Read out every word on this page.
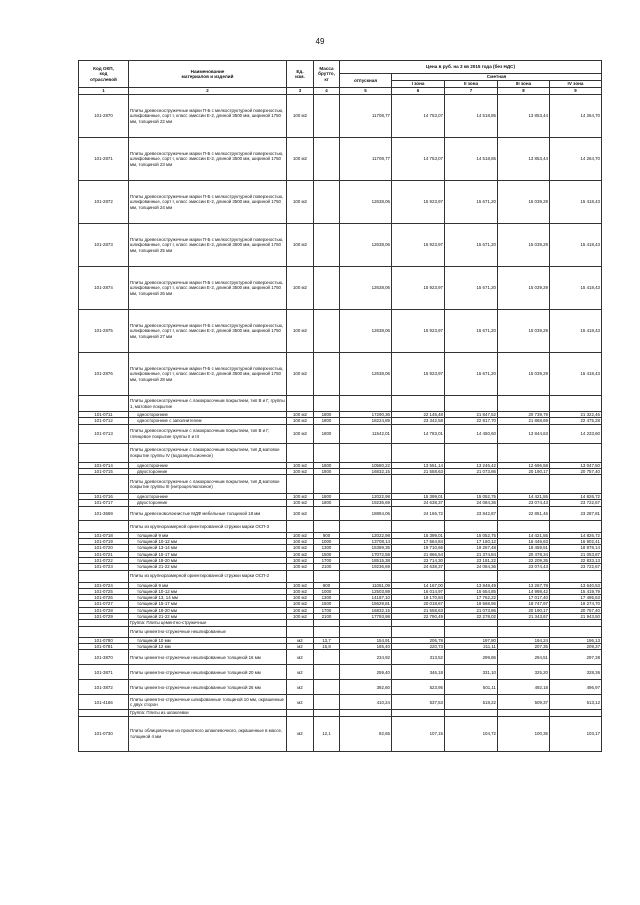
49
Код ОКП,
код
отраслевой	Наименование
материалов и изделий	Ед.
изм.	Масса
брутто,
кг	Цена в руб. на 3 кв 2015 года (без НДС)				
				отпускная	Сметная			
					I зона	II зона	III зона	IV зона
1	2	3	4	5	6	7	8	9
101-2870	Плиты древесностружечные марки П-Б с мелкоструктурной поверхностью, шлифованные, сорт I, класс эмиссии Е-2, длиной 3500 мм, шириной 1750 мм, толщиной 22 мм	100 м2		11708,77	14 753,07	14 518,85	13 853,44	14 264,70
101-2871	Плиты древесностружечные марки П-Б с мелкоструктурной поверхностью, шлифованные, сорт I, класс эмиссии Е-2, длиной 3500 мм, шириной 1750 мм, толщиной 23 мм	100 м2		11708,77	14 753,07	14 518,85	13 853,44	14 264,70
101-2872	Плиты древесностружечные марки П-Б с мелкоструктурной поверхностью, шлифованные, сорт I, класс эмиссии Е-2, длиной 3500 мм, шириной 1750 мм, толщиной 24 мм	100 м2		12638,06	15 923,97	15 671,20	15 039,29	15 418,43
101-2873	Плиты древесностружечные марки П-Б с мелкоструктурной поверхностью, шлифованные, сорт I, класс эмиссии Е-2, длиной 3500 мм, шириной 1750 мм, толщиной 25 мм	100 м2		12638,06	15 923,97	15 671,20	15 039,29	15 418,43
101-2874	Плиты древесностружечные марки П-Б с мелкоструктурной поверхностью, шлифованные, сорт I, класс эмиссии Е-2, длиной 3500 мм, шириной 1750 мм, толщиной 26 мм	100 м2		12638,06	15 923,97	15 671,20	15 039,29	15 418,43
101-2875	Плиты древесностружечные марки П-Б с мелкоструктурной поверхностью, шлифованные, сорт I, класс эмиссии Е-2, длиной 3500 мм, шириной 1750 мм, толщиной 27 мм	100 м2		12638,06	15 923,97	15 671,20	15 039,29	15 418,43
101-2876	Плиты древесностружечные марки П-Б с мелкоструктурной поверхностью, шлифованные, сорт I, класс эмиссии Е-2, длиной 3500 мм, шириной 1750 мм, толщиной 28 мм	100 м2		12638,06	15 923,97	15 671,20	15 039,29	15 418,43
	Плиты древесностружечные с лакокрасочным покрытием, тип В и Г, группы 1, матовое покрытие							
101-0711	односторонние	100 м2	1800	17290,36	22 145,48	21 847,52	20 739,79	21 322,46
101-0712	односторонние с заполнителем	100 м2	1800	18224,89	23 342,58	22 817,70	21 868,69	22 475,28
101-0713	Плиты древесностружечные с лакокрасочным покрытием, тип В и Г, глянцевое покрытие группы II и III	100 м2	1800	11542,01	14 783,01	14 450,60	13 844,63	14 233,60
	Плиты древесностружечные с лакокрасочным покрытием, тип Д матовое покрытие группы IV (водоэмульсионное)							
101-0714	односторонние	100 м2	1800	10580,22	13 551,14	13 246,42	12 696,58	13 047,50
101-0715	двухсторонние	100 м2	1800	16832,15	21 558,63	21 073,86	20 190,17	20 757,40
	Плиты древесностружечные с лакокрасочным покрытием, тип Д матовое покрытие группы III (нитроцеллюлозное)							
101-0716	односторонние	100 м2	1800	12022,98	15 399,01	15 052,75	14 421,55	14 826,72
101-0717	двухсторонние	100 м2	1800	19236,69	24 638,37	24 084,36	23 074,43	23 722,67
101-3669	Плиты древесноволокнистые МДФ мебельные толщиной 18 мм	100 м2		18894,06	24 166,72	23 842,87	22 851,46	23 287,81
	Плиты из крупноразмерной ориентированной стружки марки ОСП-3							
101-0718	толщиной 9 мм	100 м2	900	12022,98	15 399,01	15 052,75	14 421,55	14 826,72
101-0719	толщиной 10-12 мм	100 м2	1000	13708,14	17 564,84	17 160,12	16 446,63	16 902,41
101-0720	толщиной 13-14 мм	100 м2	1300	15389,35	19 710,66	19 267,48	18 459,51	18 978,14
101-0721	толщиной 15-17 мм	100 м2	1500	17072,58	21 866,54	21 374,84	20 478,34	21 053,87
101-0722	толщиной 18-20 мм	100 м2	1700	18515,38	23 714,30	23 181,22	22 209,35	22 833,13
101-0723	толщиной 21-22 мм	100 м2	2100	19236,69	24 638,37	24 084,36	23 074,43	23 722,67
	Плиты из крупноразмерной ориентированной стружки марки ОСП-2							
101-0724	толщиной 9 мм	100 м2	900	11061,09	14 167,00	13 848,49	13 267,78	13 640,53
101-0725	толщиной 10-12 мм	100 м2	1000	12503,89	16 014,97	15 654,85	14 998,42	15 419,79
101-0726	толщиной 13, 14 мм	100 м2	1300	14187,10	18 170,84	17 762,22	17 017,40	17 495,53
101-0727	толщиной 15-17 мм	100 м2	1500	15629,81	20 018,67	19 568,56	18 747,97	19 274,70
101-0728	толщиной 18-20 мм	100 м2	1700	16832,15	21 558,63	21 073,86	20 190,17	20 757,40
101-0729	толщиной 21-22 мм	100 м2	2100	17793,98	22 790,49	22 278,02	21 343,67	21 943,50
	Группа: Плиты цементно-стружечные							
	Плиты цементно-стружечные нешлифованные							
101-0780	толщиной 10 мм	м2	13,7	154,91	206,78	197,80	194,24	196,13
101-0781	толщиной 12 мм	м2	15,8	165,40	220,73	211,11	207,35	209,37
101-3870	Плиты цементно-стружечные нешлифованные толщиной 16 мм	м2		234,92	313,52	299,86	294,51	297,38
101-3871	Плиты цементно-стружечные нешлифованные толщиной 20 мм	м2		259,40	346,18	331,10	325,20	328,36
101-3872	Плиты цементно-стружечные нешлифованные толщиной 26 мм	м2		392,60	523,95	501,11	492,18	496,97
101-4166	Плиты цементно-стружечные шлифованные толщиной 10 мм, окрашенные с двух сторон	м2		410,24	537,53	518,22	509,37	513,12
	Группа: Плиты из шпаклевки							
101-0730	Плиты облицовочные из прокатного шпаклевочного, окрашенные в массе, толщиной 4 мм	м2	12,1	82,65	107,15	104,72	100,35	103,17
